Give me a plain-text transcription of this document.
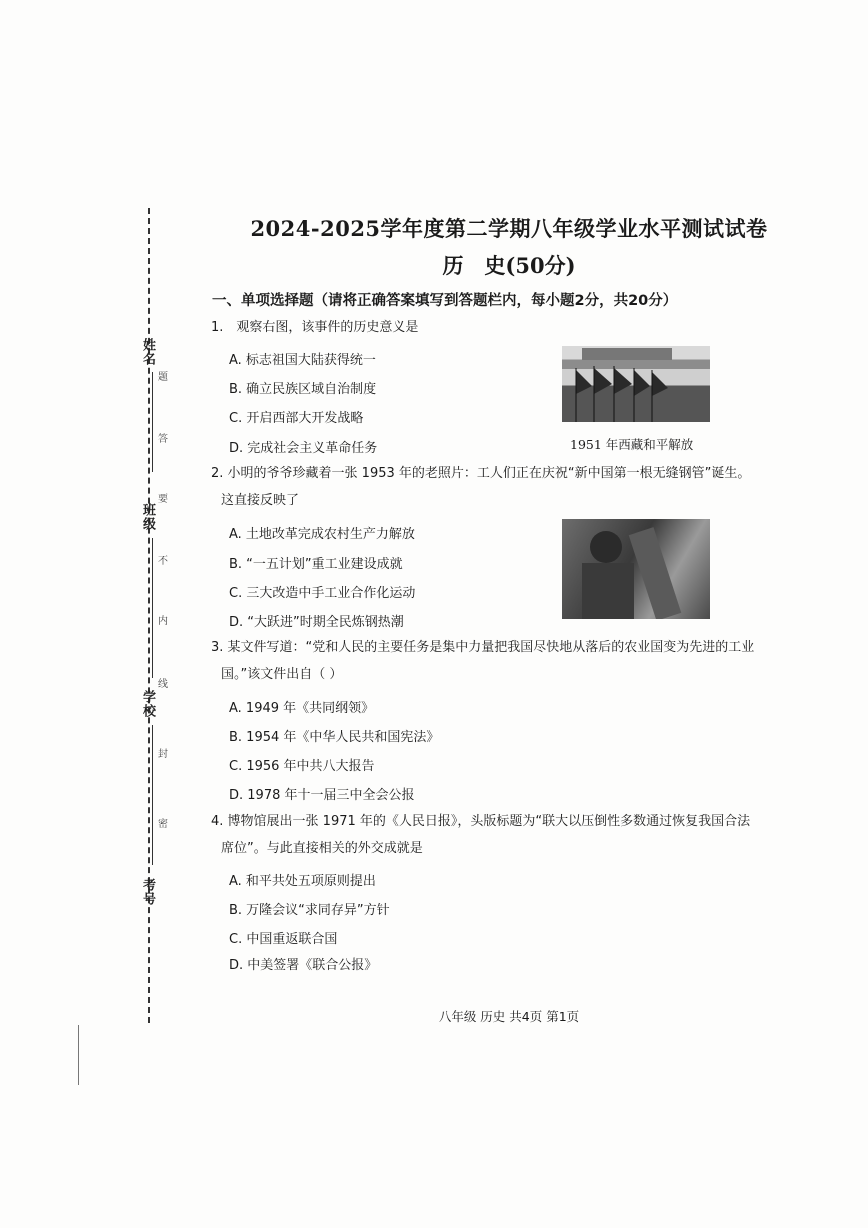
姓名
班级
学校
考号
题
答
要
不
内
线
封
密
2024-2025学年度第二学期八年级学业水平测试试卷
历　史(50分)
一、单项选择题（请将正确答案填写到答题栏内，每小题2分，共20分）
1.　观察右图，该事件的历史意义是
A. 标志祖国大陆获得统一
B. 确立民族区域自治制度
C. 开启西部大开发战略
D. 完成社会主义革命任务	1951 年西藏和平解放
2. 小明的爷爷珍藏着一张 1953 年的老照片：工人们正在庆祝“新中国第一根无缝钢管”诞生。
这直接反映了
A. 土地改革完成农村生产力解放
B. “一五计划”重工业建设成就
C. 三大改造中手工业合作化运动
D. “大跃进”时期全民炼钢热潮
3. 某文件写道：“党和人民的主要任务是集中力量把我国尽快地从落后的农业国变为先进的工业
国。”该文件出自（ ）
A. 1949 年《共同纲领》
B. 1954 年《中华人民共和国宪法》
C. 1956 年中共八大报告
D. 1978 年十一届三中全会公报
4. 博物馆展出一张 1971 年的《人民日报》，头版标题为“联大以压倒性多数通过恢复我国合法
席位”。与此直接相关的外交成就是
A. 和平共处五项原则提出
B. 万隆会议“求同存异”方针
C. 中国重返联合国
D. 中美签署《联合公报》
八年级 历史 共4页 第1页
